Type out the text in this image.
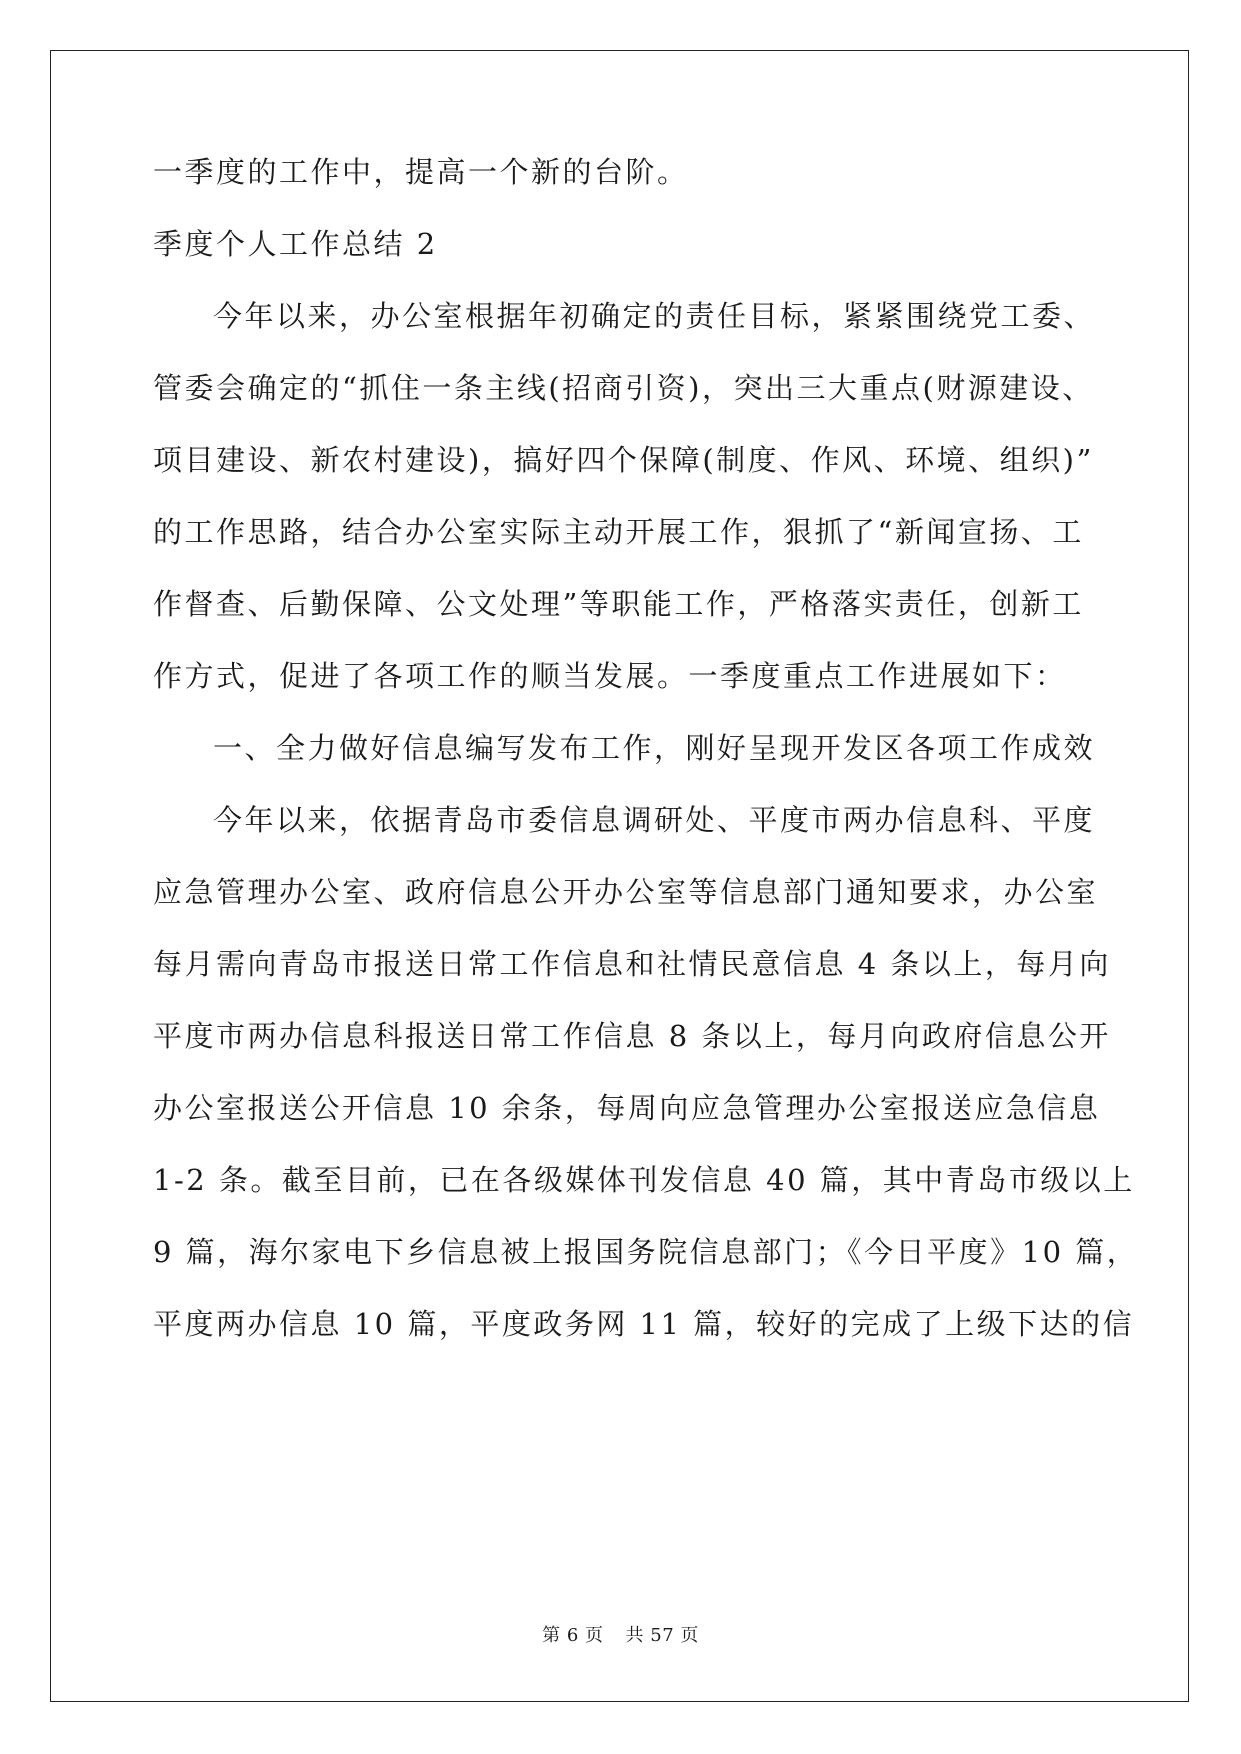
一季度的工作中，提高一个新的台阶。
季度个人工作总结 2
今年以来，办公室根据年初确定的责任目标，紧紧围绕党工委、
管委会确定的“抓住一条主线(招商引资)，突出三大重点(财源建设、
项目建设、新农村建设)，搞好四个保障(制度、作风、环境、组织)”
的工作思路，结合办公室实际主动开展工作，狠抓了“新闻宣扬、工
作督查、后勤保障、公文处理”等职能工作，严格落实责任，创新工
作方式，促进了各项工作的顺当发展。一季度重点工作进展如下：
一、全力做好信息编写发布工作，刚好呈现开发区各项工作成效
今年以来，依据青岛市委信息调研处、平度市两办信息科、平度
应急管理办公室、政府信息公开办公室等信息部门通知要求，办公室
每月需向青岛市报送日常工作信息和社情民意信息 4 条以上，每月向
平度市两办信息科报送日常工作信息 8 条以上，每月向政府信息公开
办公室报送公开信息 10 余条，每周向应急管理办公室报送应急信息
1-2 条。截至目前，已在各级媒体刊发信息 40 篇，其中青岛市级以上
9 篇，海尔家电下乡信息被上报国务院信息部门；《今日平度》10 篇，
平度两办信息 10 篇，平度政务网 11 篇，较好的完成了上级下达的信
第 6 页 共 57 页
